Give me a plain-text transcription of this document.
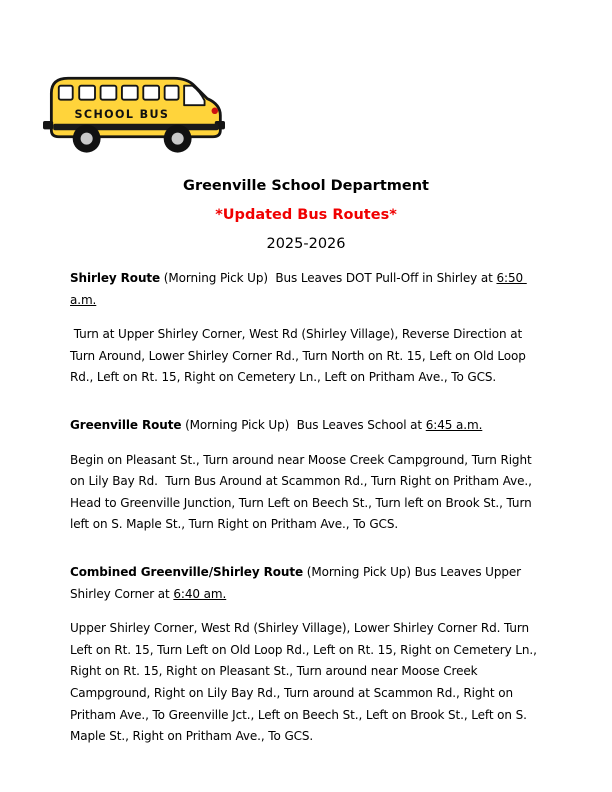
SCHOOL BUS

Greenville School Department

*Updated Bus Routes*

2025-2026

Shirley Route (Morning Pick Up)  Bus Leaves DOT Pull-Off in Shirley at 6:50 a.m.

Turn at Upper Shirley Corner, West Rd (Shirley Village), Reverse Direction at Turn Around, Lower Shirley Corner Rd., Turn North on Rt. 15, Left on Old Loop Rd., Left on Rt. 15, Right on Cemetery Ln., Left on Pritham Ave., To GCS.

Greenville Route (Morning Pick Up)  Bus Leaves School at 6:45 a.m.

Begin on Pleasant St., Turn around near Moose Creek Campground, Turn Right on Lily Bay Rd.  Turn Bus Around at Scammon Rd., Turn Right on Pritham Ave., Head to Greenville Junction, Turn Left on Beech St., Turn left on Brook St., Turn left on S. Maple St., Turn Right on Pritham Ave., To GCS.

Combined Greenville/Shirley Route (Morning Pick Up) Bus Leaves Upper Shirley Corner at 6:40 am.

Upper Shirley Corner, West Rd (Shirley Village), Lower Shirley Corner Rd. Turn Left on Rt. 15, Turn Left on Old Loop Rd., Left on Rt. 15, Right on Cemetery Ln., Right on Rt. 15, Right on Pleasant St., Turn around near Moose Creek Campground, Right on Lily Bay Rd., Turn around at Scammon Rd., Right on Pritham Ave., To Greenville Jct., Left on Beech St., Left on Brook St., Left on S. Maple St., Right on Pritham Ave., To GCS.
